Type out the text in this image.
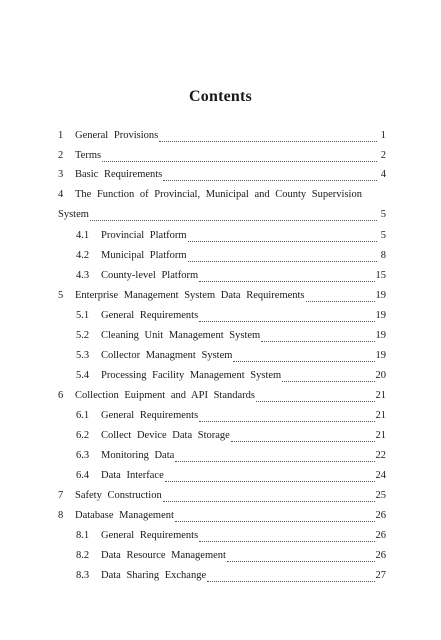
Contents
1	General Provisions	1
2	Terms	2
3	Basic Requirements	4
4 The Function of Provincial, Municipal and County Supervision
System	5
4.1	Provincial Platform	5
4.2	Municipal Platform	8
4.3	County-level Platform	15
5	Enterprise Management System Data Requirements	19
5.1	General Requirements	19
5.2	Cleaning Unit Management System	19
5.3	Collector Managment System	19
5.4	Processing Facility Management System	20
6	Collection Euipment and API Standards	21
6.1	General Requirements	21
6.2	Collect Device Data Storage	21
6.3	Monitoring Data	22
6.4	Data Interface	24
7	Safety Construction	25
8	Database Management	26
8.1	General Requirements	26
8.2	Data Resource Management	26
8.3	Data Sharing Exchange	27
